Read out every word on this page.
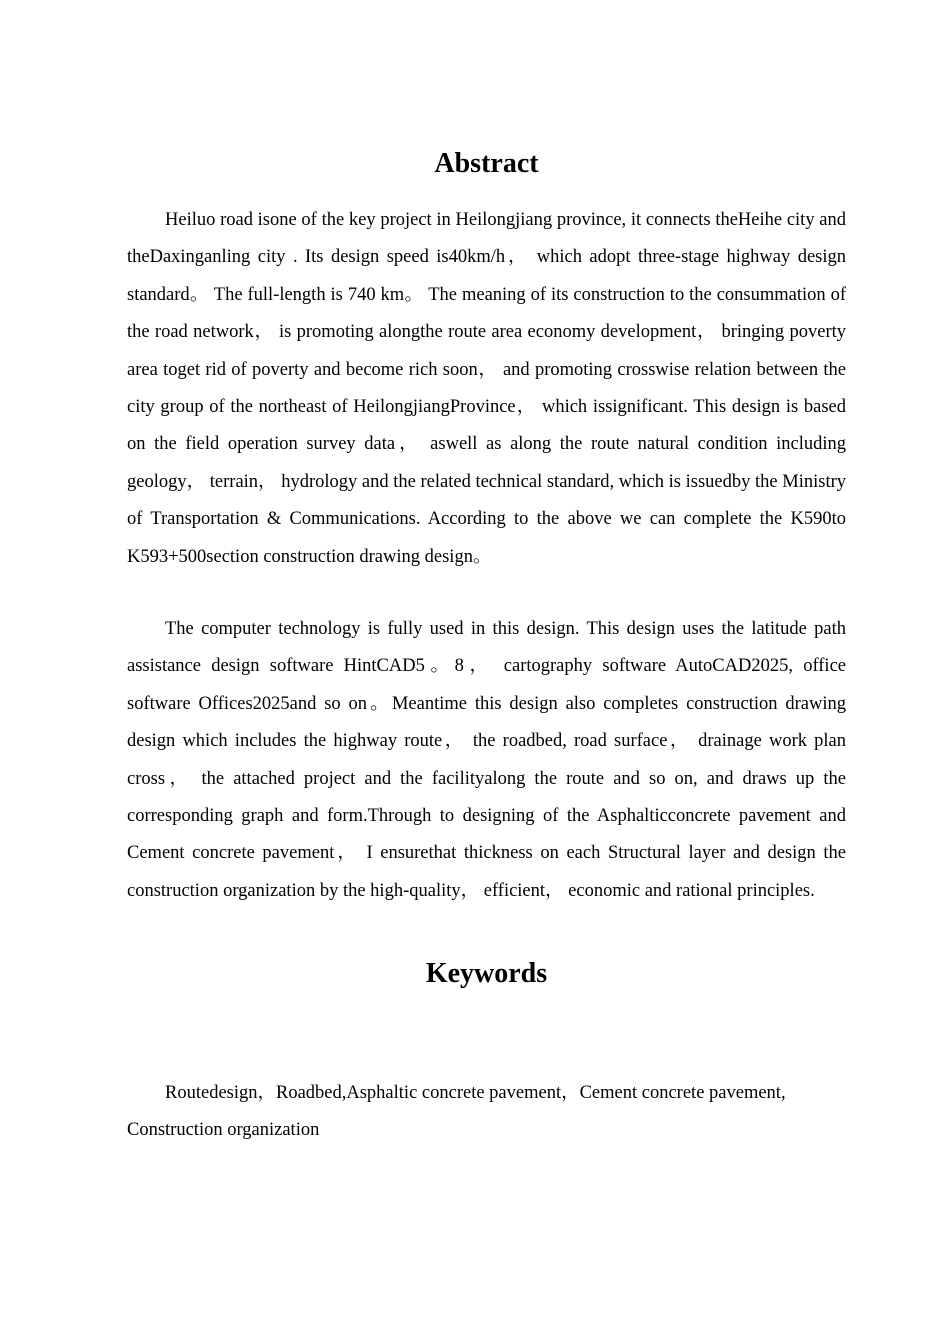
Abstract

Heiluo road isone of the key project in Heilongjiang province, it connects theHeihe city and theDaxinganling city . Its design speed is40km/h， which adopt three-stage highway design standard。 The full-length is 740 km。 The meaning of its construction to the consummation of the road network， is promoting alongthe route area economy development， bringing poverty area toget rid of poverty and become rich soon， and promoting crosswise relation between the city group of the northeast of HeilongjiangProvince， which issignificant. This design is based on the field operation survey data， aswell as along the route natural condition including geology， terrain， hydrology and the related technical standard, which is issuedby the Ministry of Transportation & Communications. According to the above we can complete the K590to K593+500section construction drawing design。

The computer technology is fully used in this design. This design uses the latitude path assistance design software HintCAD5。8， cartography software AutoCAD2025, office software Offices2025and so on。Meantime this design also completes construction drawing design which includes the highway route， the roadbed, road surface， drainage work plan cross， the attached project and the facilityalong the route and so on, and draws up the corresponding graph and form.Through to designing of the Asphalticconcrete pavement and Cement concrete pavement， I ensurethat thickness on each Structural layer and design the construction organization by the high-quality， efficient， economic and rational principles.

Keywords

Routedesign，Roadbed,Asphaltic concrete pavement，Cement concrete pavement, Construction organization
